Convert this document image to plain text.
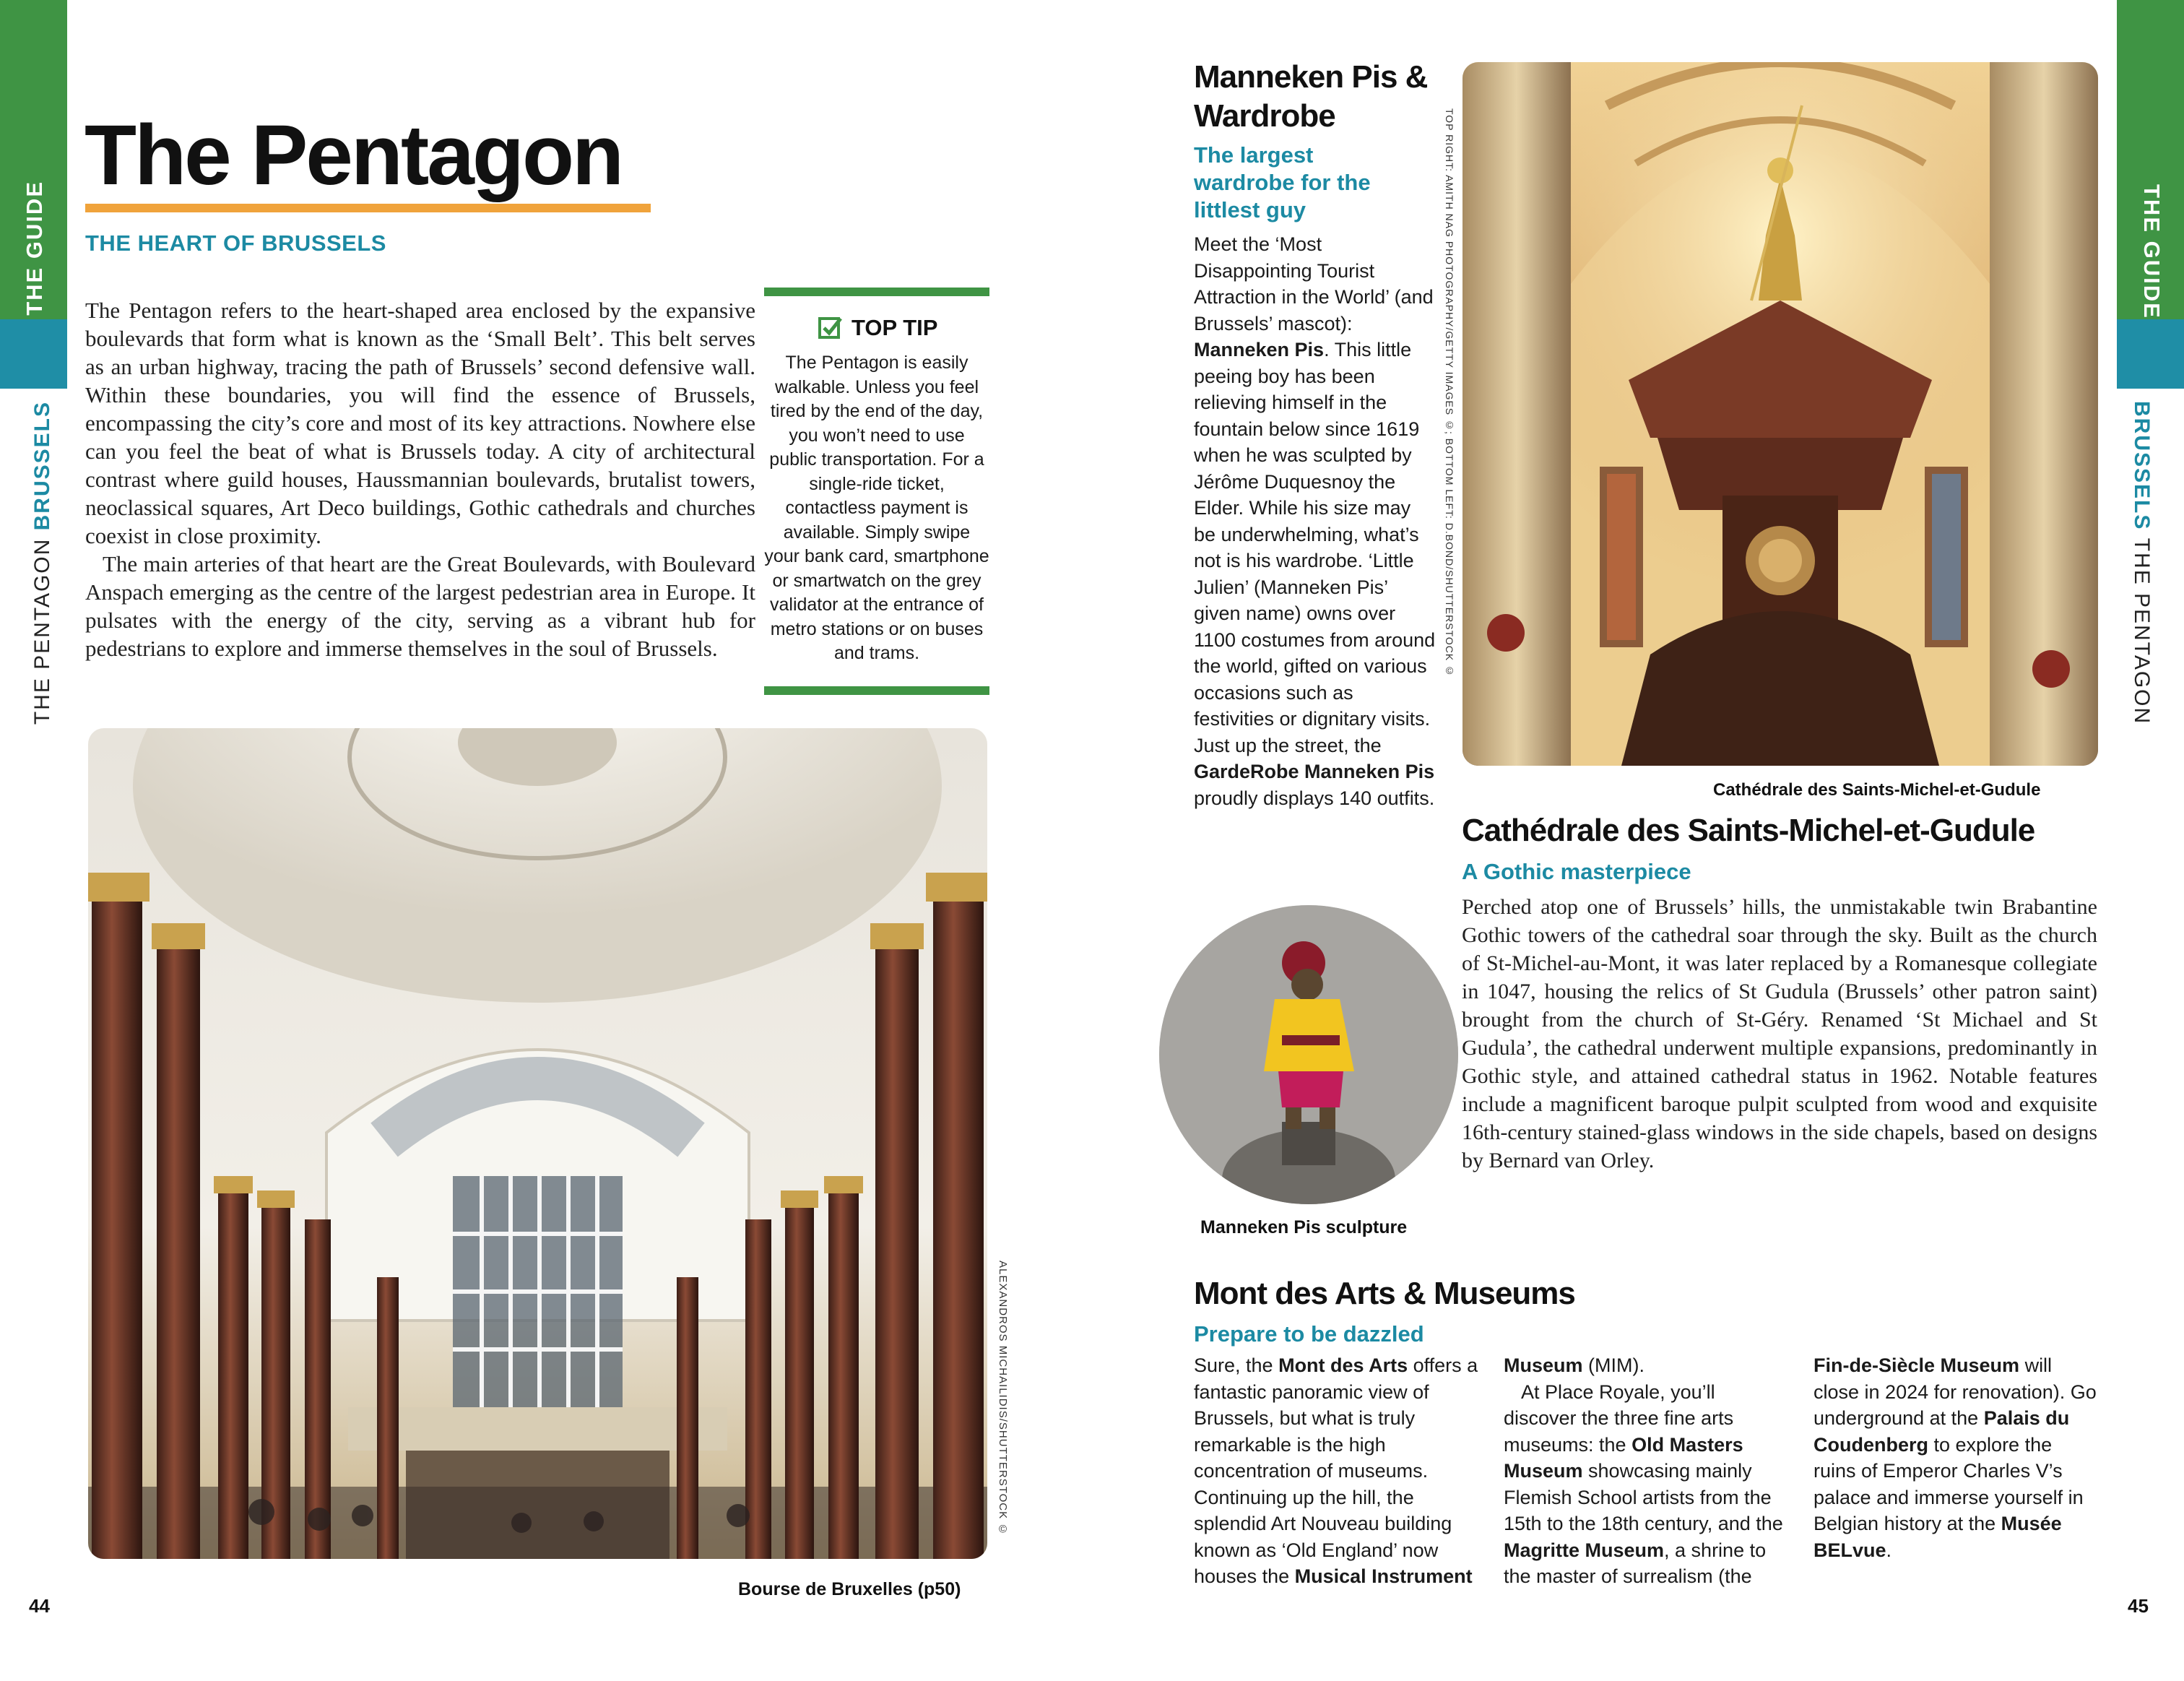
THE GUIDE
THE PENTAGON BRUSSELS
The Pentagon
THE HEART OF BRUSSELS

The Pentagon refers to the heart-shaped area enclosed by the expansive boulevards that form what is known as the ‘Small Belt’. This belt serves as an urban highway, tracing the path of Brussels’ second defensive wall. Within these boundaries, you will find the essence of Brussels, encompassing the city’s core and most of its key attractions. Nowhere else can you feel the beat of what is Brussels today. A city of architectural contrast where guild houses, Haussmannian boulevards, brutalist towers, neoclassical squares, Art Deco buildings, Gothic cathedrals and churches coexist in close proximity.

The main arteries of that heart are the Great Boulevards, with Boulevard Anspach emerging as the centre of the largest pedestrian area in Europe. It pulsates with the energy of the city, serving as a vibrant hub for pedestrians to explore and immerse themselves in the soul of Brussels.

TOP TIP
The Pentagon is easily walkable. Unless you feel tired by the end of the day, you won’t need to use public transportation. For a single-ride ticket, contactless payment is available. Simply swipe your bank card, smartphone or smartwatch on the grey validator at the entrance of metro stations or on buses and trams.
ALEXANDROS MICHAILIDIS/SHUTTERSTOCK ©
Bourse de Bruxelles (p50)
44
THE GUIDE
BRUSSELS THE PENTAGON
Manneken Pis &
Wardrobe
The largest
wardrobe for the
littlest guy
Meet the ‘Most Disappointing Tourist Attraction in the World’ (and Brussels’ mascot): Manneken Pis. This little peeing boy has been relieving himself in the fountain below since 1619 when he was sculpted by Jérôme Duquesnoy the Elder. While his size may be underwhelming, what’s not is his wardrobe. ‘Little Julien’ (Manneken Pis’ given name) owns over 1100 costumes from around the world, gifted on various occasions such as festivities or dignitary visits. Just up the street, the GardeRobe Manneken Pis proudly displays 140 outfits.
TOP RIGHT: AMITH NAG PHOTOGRAPHY/GETTY IMAGES ©; BOTTOM LEFT: D.BOND/SHUTTERSTOCK ©
Cathédrale des Saints-Michel-et-Gudule
Cathédrale des Saints-Michel-et-Gudule
A Gothic masterpiece
Perched atop one of Brussels’ hills, the unmistakable twin Brabantine Gothic towers of the cathedral soar through the sky. Built as the church of St-Michel-au-Mont, it was later replaced by a Romanesque collegiate in 1047, housing the relics of St Gudula (Brussels’ other patron saint) brought from the church of St-Géry. Renamed ‘St Michael and St Gudula’, the cathedral underwent multiple expansions, predominantly in Gothic style, and attained cathedral status in 1962. Notable features include a magnificent baroque pulpit sculpted from wood and exquisite 16th-century stained-glass windows in the side chapels, based on designs by Bernard van Orley.
Manneken Pis sculpture
Mont des Arts & Museums
Prepare to be dazzled
Sure, the Mont des Arts offers a fantastic panoramic view of Brussels, but what is truly remarkable is the high concentration of museums. Continuing up the hill, the splendid Art Nouveau building known as ‘Old England’ now houses the Musical Instrument

Museum (MIM).

At Place Royale, you’ll discover the three fine arts museums: the Old Masters Museum showcasing mainly Flemish School artists from the 15th to the 18th century, and the Magritte Museum, a shrine to the master of surrealism (the

Fin-de-Siècle Museum will close in 2024 for renovation). Go underground at the Palais du Coudenberg to explore the ruins of Emperor Charles V’s palace and immerse yourself in Belgian history at the Musée BELvue.
45
